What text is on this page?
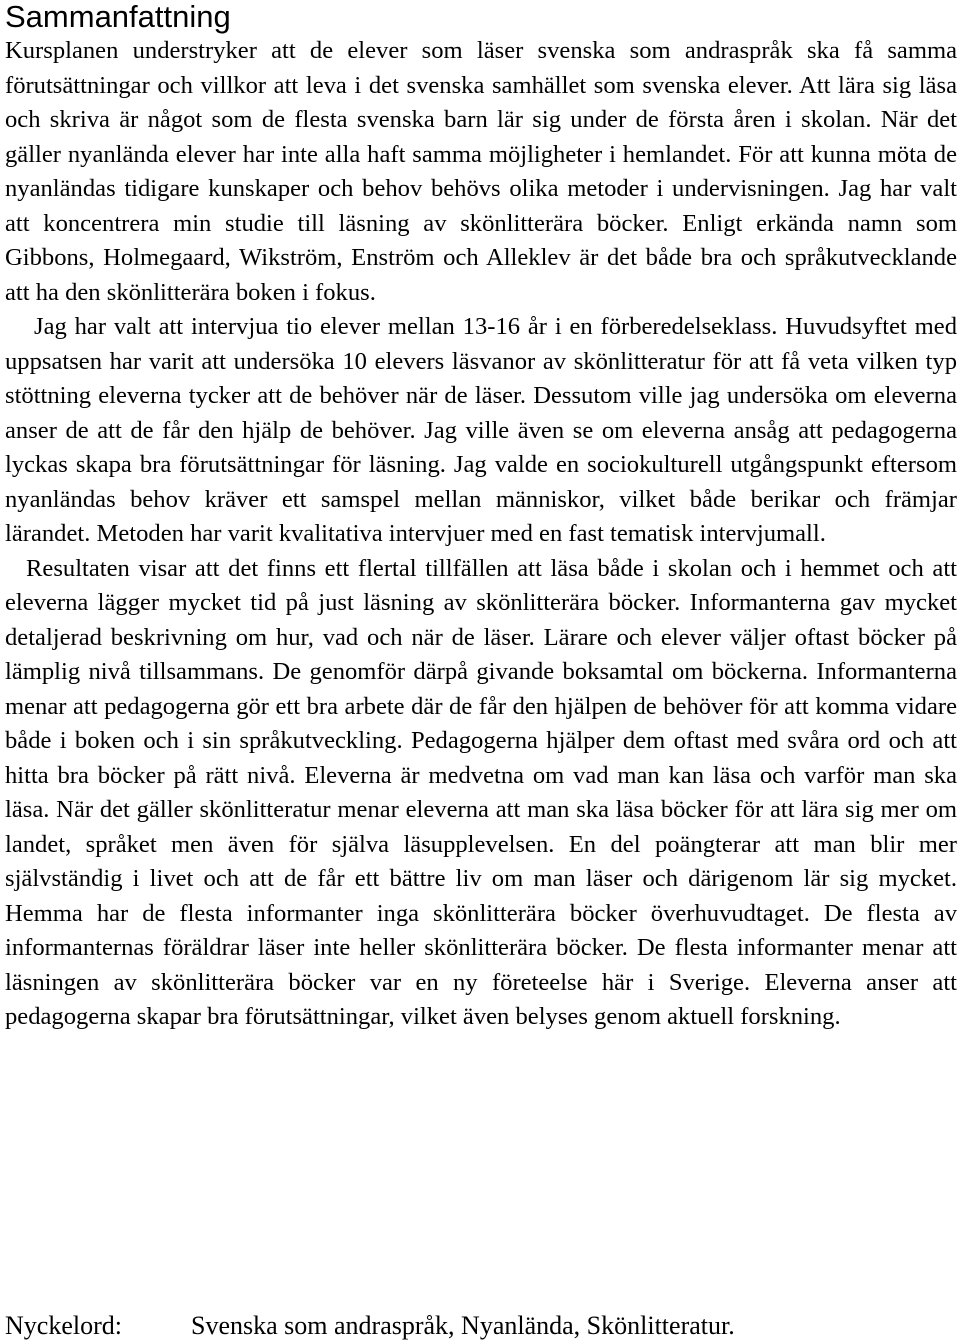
Sammanfattning

Kursplanen understryker att de elever som läser svenska som andraspråk ska få samma förutsättningar och villkor att leva i det svenska samhället som svenska elever. Att lära sig läsa och skriva är något som de flesta svenska barn lär sig under de första åren i skolan. När det gäller nyanlända elever har inte alla haft samma möjligheter i hemlandet. För att kunna möta de nyanländas tidigare kunskaper och behov behövs olika metoder i undervisningen. Jag har valt att koncentrera min studie till läsning av skönlitterära böcker. Enligt erkända namn som Gibbons, Holmegaard, Wikström, Enström och Alleklev är det både bra och språkutvecklande att ha den skönlitterära boken i fokus.

Jag har valt att intervjua tio elever mellan 13-16 år i en förberedelseklass. Huvudsyftet med uppsatsen har varit att undersöka 10 elevers läsvanor av skönlitteratur för att få veta vilken typ stöttning eleverna tycker att de behöver när de läser. Dessutom ville jag undersöka om eleverna anser de att de får den hjälp de behöver. Jag ville även se om eleverna ansåg att pedagogerna lyckas skapa bra förutsättningar för läsning. Jag valde en sociokulturell utgångspunkt eftersom nyanländas behov kräver ett samspel mellan människor, vilket både berikar och främjar lärandet. Metoden har varit kvalitativa intervjuer med en fast tematisk intervjumall.

Resultaten visar att det finns ett flertal tillfällen att läsa både i skolan och i hemmet och att eleverna lägger mycket tid på just läsning av skönlitterära böcker. Informanterna gav mycket detaljerad beskrivning om hur, vad och när de läser. Lärare och elever väljer oftast böcker på lämplig nivå tillsammans. De genomför därpå givande boksamtal om böckerna. Informanterna menar att pedagogerna gör ett bra arbete där de får den hjälpen de behöver för att komma vidare både i boken och i sin språkutveckling. Pedagogerna hjälper dem oftast med svåra ord och att hitta bra böcker på rätt nivå. Eleverna är medvetna om vad man kan läsa och varför man ska läsa. När det gäller skönlitteratur menar eleverna att man ska läsa böcker för att lära sig mer om landet, språket men även för själva läsupplevelsen. En del poängterar att man blir mer självständig i livet och att de får ett bättre liv om man läser och därigenom lär sig mycket. Hemma har de flesta informanter inga skönlitterära böcker överhuvudtaget. De flesta av informanternas föräldrar läser inte heller skönlitterära böcker. De flesta informanter menar att läsningen av skönlitterära böcker var en ny företeelse här i Sverige. Eleverna anser att pedagogerna skapar bra förutsättningar, vilket även belyses genom aktuell forskning.

Nyckelord:	Svenska som andraspråk, Nyanlända, Skönlitteratur.
